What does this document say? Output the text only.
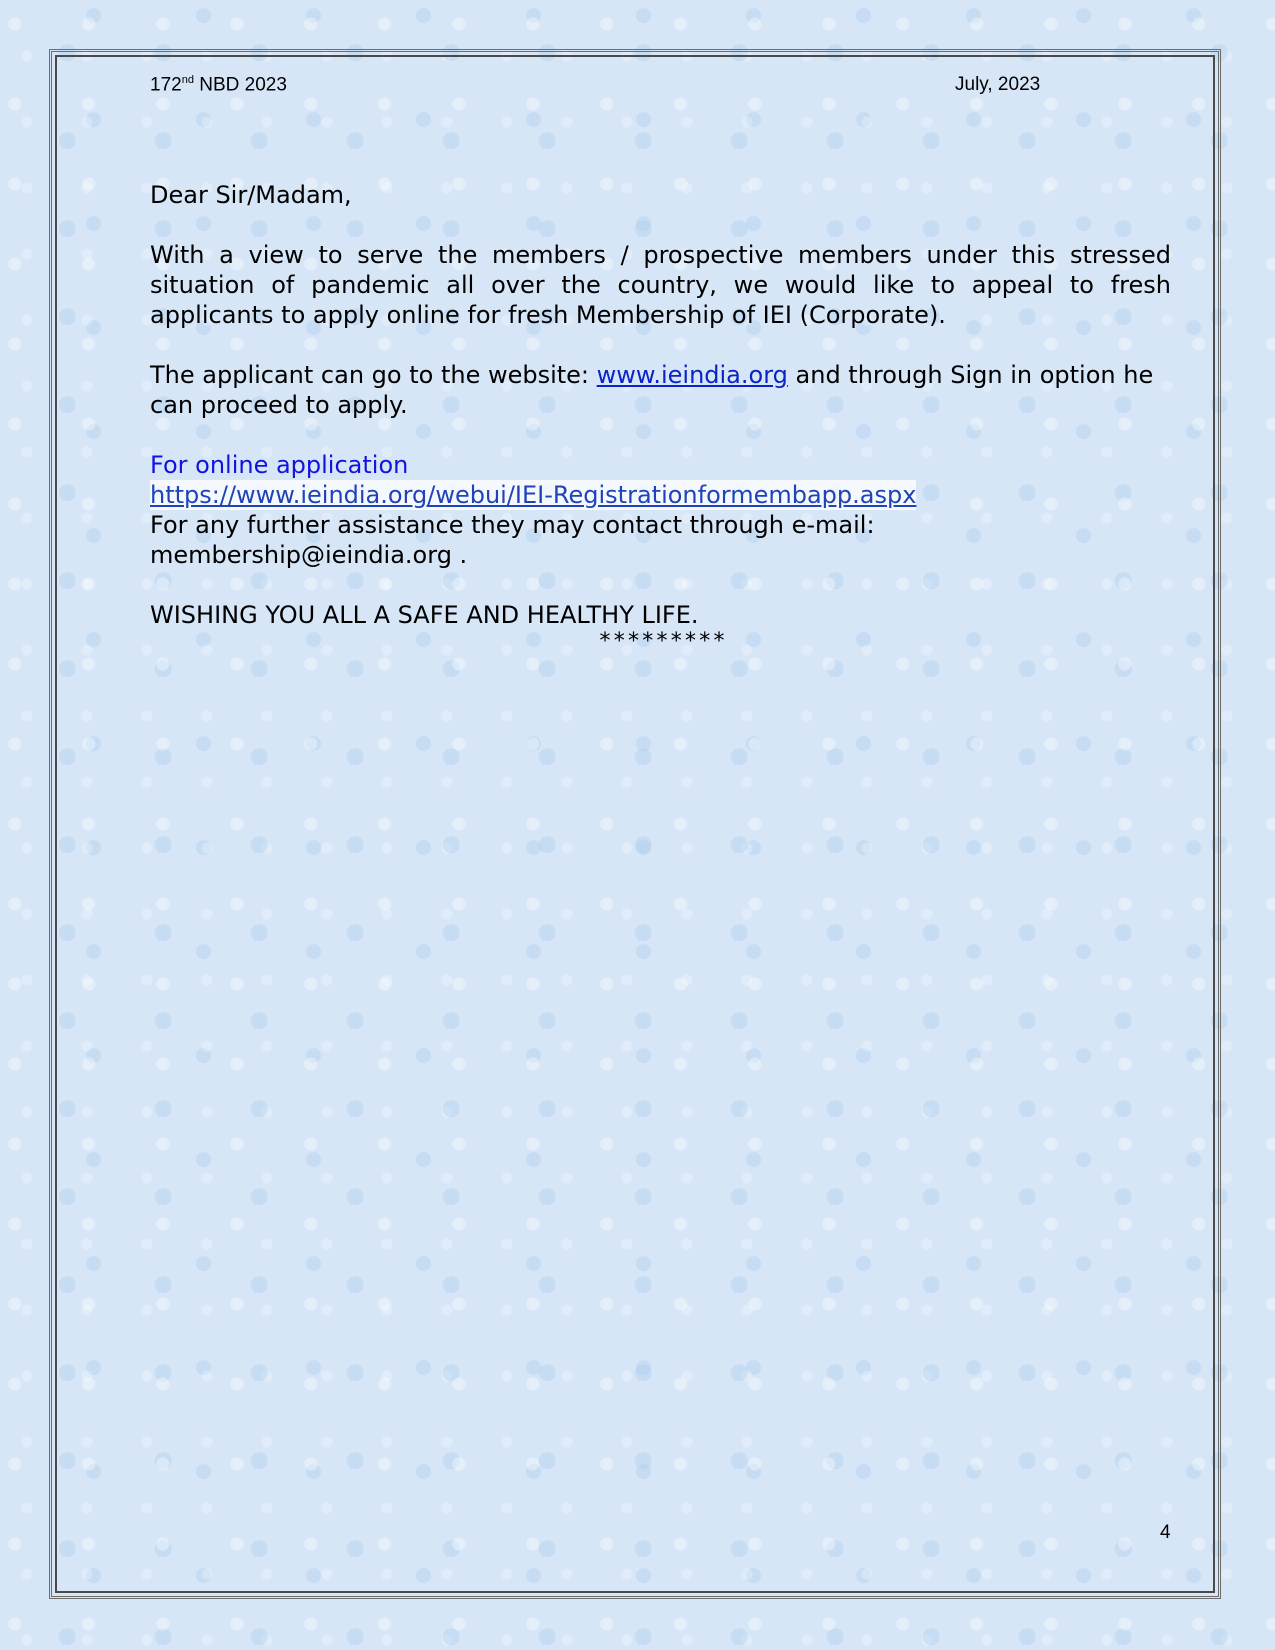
172nd NBD 2023	July, 2023

Dear Sir/Madam,

With a view to serve the members / prospective members under this stressed situation of pandemic all over the country, we would like to appeal to fresh applicants to apply online for fresh Membership of IEI (Corporate).

The applicant can go to the website: www.ieindia.org and through Sign in option he can proceed to apply.

For online application
https://www.ieindia.org/webui/IEI-Registrationformembapp.aspx
For any further assistance they may contact through e-mail: membership@ieindia.org .

WISHING YOU ALL A SAFE AND HEALTHY LIFE.

*********
4
